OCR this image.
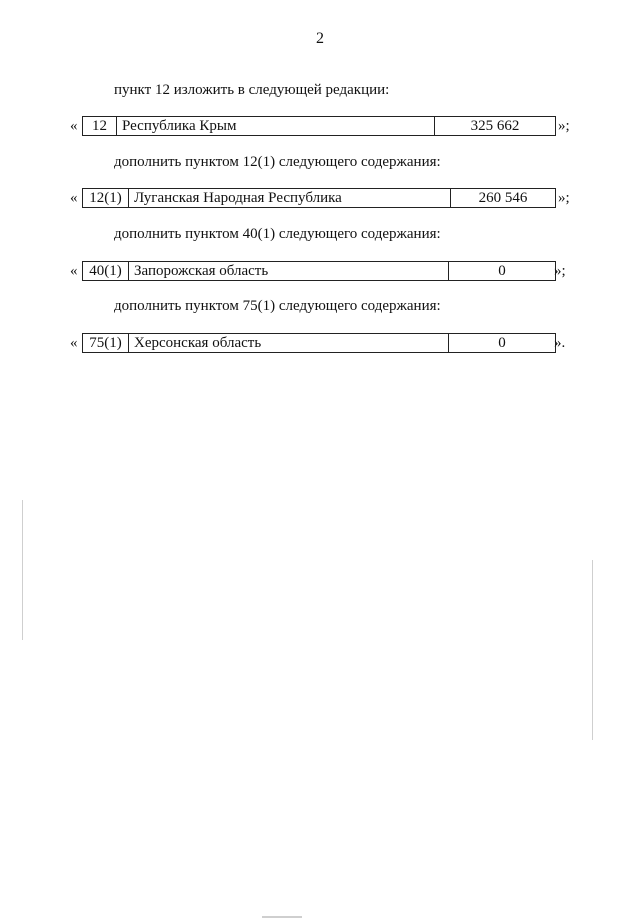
2
пункт 12 изложить в следующей редакции:
« 12	Республика Крым	325 662	»;
дополнить пунктом 12(1) следующего содержания:
« 12(1) Луганская Народная Республика	260 546	»;
дополнить пунктом 40(1) следующего содержания:
« 40(1) Запорожская область	0	»;
дополнить пунктом 75(1) следующего содержания:
« 75(1) Херсонская область	0	».
